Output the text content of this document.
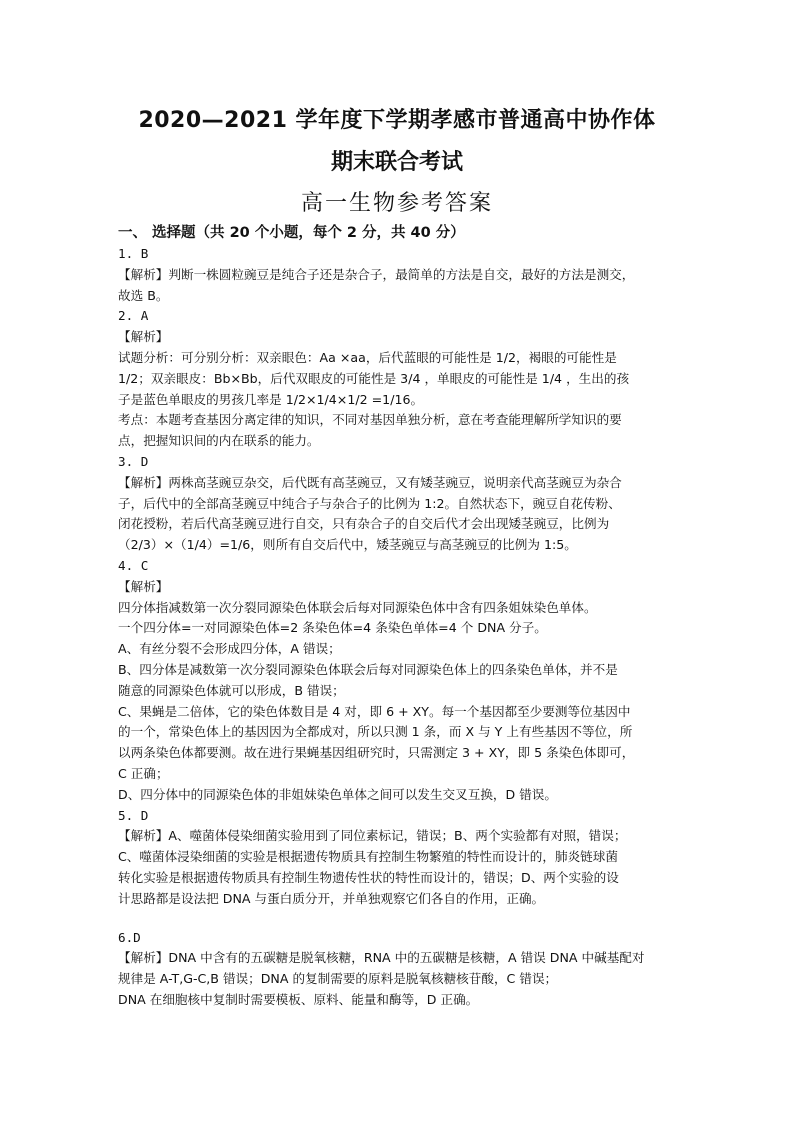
2020—2021 学年度下学期孝感市普通高中协作体
期末联合考试
高一生物参考答案
一、 选择题（共 20 个小题，每个 2 分，共 40 分）
1. B
【解析】判断一株圆粒豌豆是纯合子还是杂合子，最简单的方法是自交，最好的方法是测交，
故选 B。
2. A
【解析】
试题分析：可分别分析：双亲眼色：Aa ×aa，后代蓝眼的可能性是 1/2，褐眼的可能性是
1/2；双亲眼皮：Bb×Bb，后代双眼皮的可能性是 3/4 ，单眼皮的可能性是 1/4 ，生出的孩
子是蓝色单眼皮的男孩几率是 1/2×1/4×1/2 =1/16。
考点：本题考查基因分离定律的知识，不同对基因单独分析，意在考查能理解所学知识的要
点，把握知识间的内在联系的能力。
3. D
【解析】两株高茎豌豆杂交，后代既有高茎豌豆，又有矮茎豌豆，说明亲代高茎豌豆为杂合
子，后代中的全部高茎豌豆中纯合子与杂合子的比例为 1:2。自然状态下，豌豆自花传粉、
闭花授粉，若后代高茎豌豆进行自交，只有杂合子的自交后代才会出现矮茎豌豆，比例为
（2/3）×（1/4）=1/6，则所有自交后代中，矮茎豌豆与高茎豌豆的比例为 1:5。
4. C
【解析】
四分体指减数第一次分裂同源染色体联会后每对同源染色体中含有四条姐妹染色单体。
一个四分体=一对同源染色体=2 条染色体=4 条染色单体=4 个 DNA 分子。
A、有丝分裂不会形成四分体，A 错误；
B、四分体是减数第一次分裂同源染色体联会后每对同源染色体上的四条染色单体，并不是
随意的同源染色体就可以形成，B 错误；
C、果蝇是二倍体，它的染色体数目是 4 对，即 6 + XY。每一个基因都至少要测等位基因中
的一个，常染色体上的基因因为全都成对，所以只测 1 条，而 X 与 Y 上有些基因不等位，所
以两条染色体都要测。故在进行果蝇基因组研究时，只需测定 3 + XY，即 5 条染色体即可，
C 正确；
D、四分体中的同源染色体的非姐妹染色单体之间可以发生交叉互换，D 错误。
5. D
【解析】A、噬菌体侵染细菌实验用到了同位素标记，错误；B、两个实验都有对照，错误；
C、噬菌体浸染细菌的实验是根据遗传物质具有控制生物繁殖的特性而设计的，肺炎链球菌
转化实验是根据遗传物质具有控制生物遗传性状的特性而设计的，错误；D、两个实验的设
计思路都是设法把 DNA 与蛋白质分开，并单独观察它们各自的作用，正确。
6.D
【解析】DNA 中含有的五碳糖是脱氧核糖，RNA 中的五碳糖是核糖，A 错误 DNA 中碱基配对
规律是 A-T,G-C,B 错误；DNA 的复制需要的原料是脱氧核糖核苷酸，C 错误；
DNA 在细胞核中复制时需要模板、原料、能量和酶等，D 正确。
